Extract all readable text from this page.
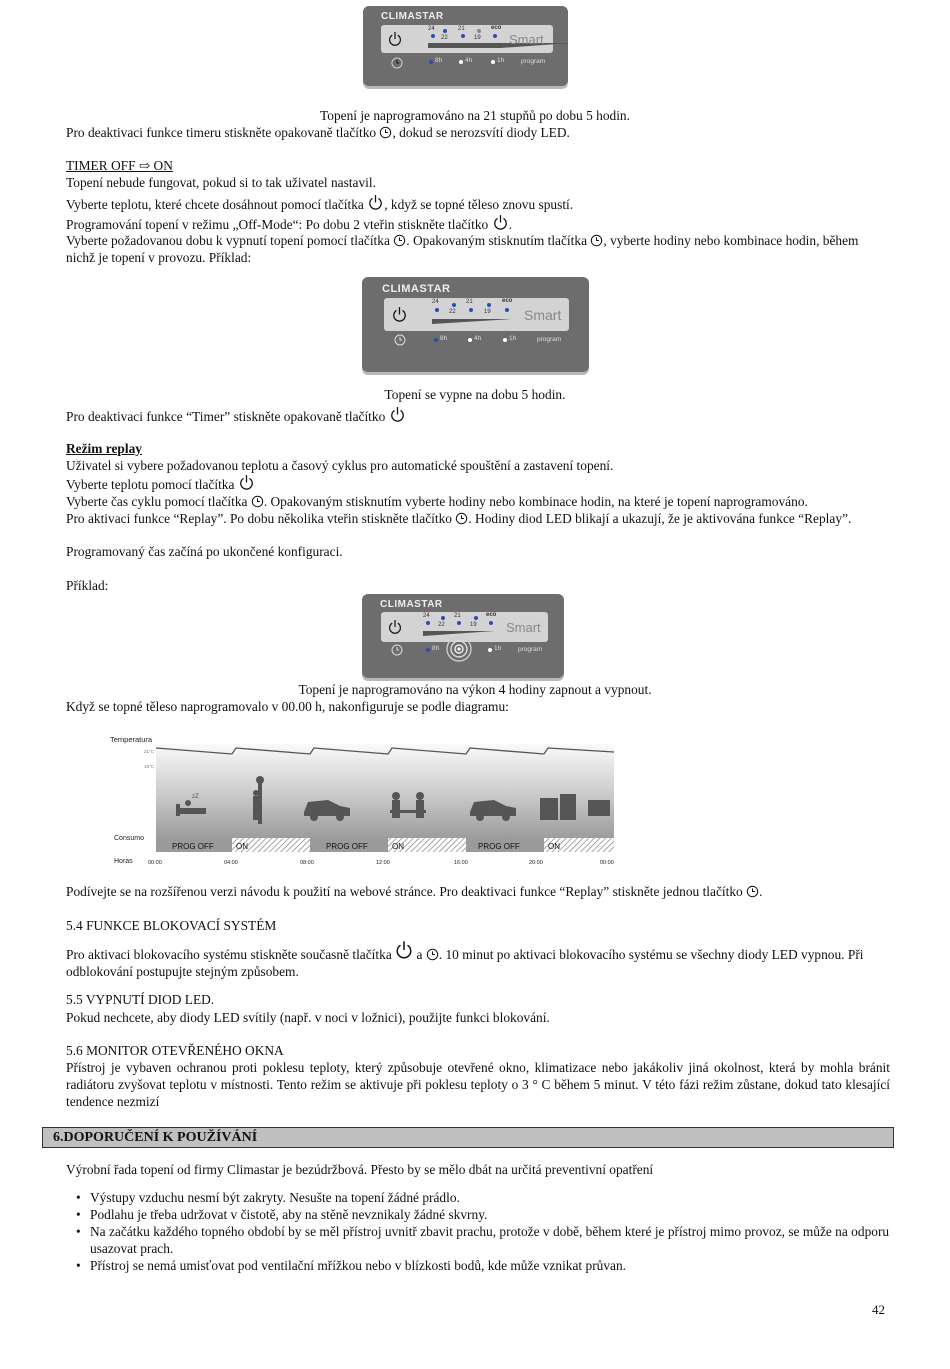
CLIMASTAR
24	21	eco
22	19 Smart
8h	4h	1h	program
Topení je naprogramováno na 21 stupňů po dobu 5 hodin.
Pro deaktivaci funkce timeru stiskněte opakovaně tlačítko , dokud se nerozsvítí diody LED.
TIMER OFF ⇨ ON
Topení nebude fungovat, pokud si to tak uživatel nastavil.
Vyberte teplotu, které chcete dosáhnout pomocí tlačítka , když se topné těleso znovu spustí.
Programování topení v režimu „Off-Mode“: Po dobu 2 vteřin stiskněte tlačítko .
Vyberte požadovanou dobu k vypnutí topení pomocí tlačítka . Opakovaným stisknutím tlačítka , vyberte hodiny nebo kombinace hodin, během nichž je topení v provozu. Příklad:
CLIMASTAR
24	21	eco
22	19 Smart
8h	4h	1h	program
Topení se vypne na dobu 5 hodin.
Pro deaktivaci funkce “Timer” stiskněte opakovaně tlačítko
Režim replay
Uživatel si vybere požadovanou teplotu a časový cyklus pro automatické spouštění a zastavení topení.
Vyberte teplotu pomocí tlačítka
Vyberte čas cyklu pomocí tlačítka . Opakovaným stisknutím vyberte hodiny nebo kombinace hodin, na které je topení naprogramováno.
Pro aktivaci funkce “Replay”. Po dobu několika vteřin stiskněte tlačítko . Hodiny diod LED blikají a ukazují, že je aktivována funkce “Replay”.
Programovaný čas začíná po ukončené konfiguraci.
Příklad:
CLIMASTAR
24	21	eco
22	19 Smart
8h	1h	program
Topení je naprogramováno na výkon 4 hodiny zapnout a vypnout.
Když se topné těleso naprogramovalo v 00.00 h, nakonfiguruje se podle diagramu:
Temperatura
21°C
19°C
zZ
Consumo
PROG OFF	ON	PROG OFF	ON	PROG OFF	ON
Horas	00:00	04:00	08:00	12:00	16:00	20:00	00:00
Podívejte se na rozšířenou verzi návodu k použití na webové stránce. Pro deaktivaci funkce “Replay” stiskněte jednou tlačítko .
5.4 FUNKCE BLOKOVACÍ SYSTÉM
Pro aktivaci blokovacího systému stiskněte současně tlačítka  a . 10 minut po aktivaci blokovacího systému se všechny diody LED vypnou. Při odblokování postupujte stejným způsobem.
5.5 VYPNUTÍ DIOD LED.
Pokud nechcete, aby diody LED svítily (např. v noci v ložnici), použijte funkci blokování.
5.6 MONITOR OTEVŘENÉHO OKNA
Přístroj je vybaven ochranou proti poklesu teploty, který způsobuje otevřené okno, klimatizace nebo jakákoliv jiná okolnost, která by mohla bránit radiátoru zvyšovat teplotu v místnosti. Tento režim se aktivuje při poklesu teploty o 3 ° C během 5 minut. V této fázi režim zůstane, dokud tato klesající tendence nezmizí
6.DOPORUČENÍ K POUŽÍVÁNÍ
Výrobní řada topení od firmy Climastar je bezúdržbová. Přesto by se mělo dbát na určitá preventivní opatření
• Výstupy vzduchu nesmí být zakryty. Nesušte na topení žádné prádlo.
• Podlahu je třeba udržovat v čistotě, aby na stěně nevznikaly žádné skvrny.
• Na začátku každého topného období by se měl přístroj uvnitř zbavit prachu, protože v době, během které je přístroj mimo provoz, se může na odporu usazovat prach.
• Přístroj se nemá umisťovat pod ventilační mřížkou nebo v blízkosti bodů, kde může vznikat průvan.
42
